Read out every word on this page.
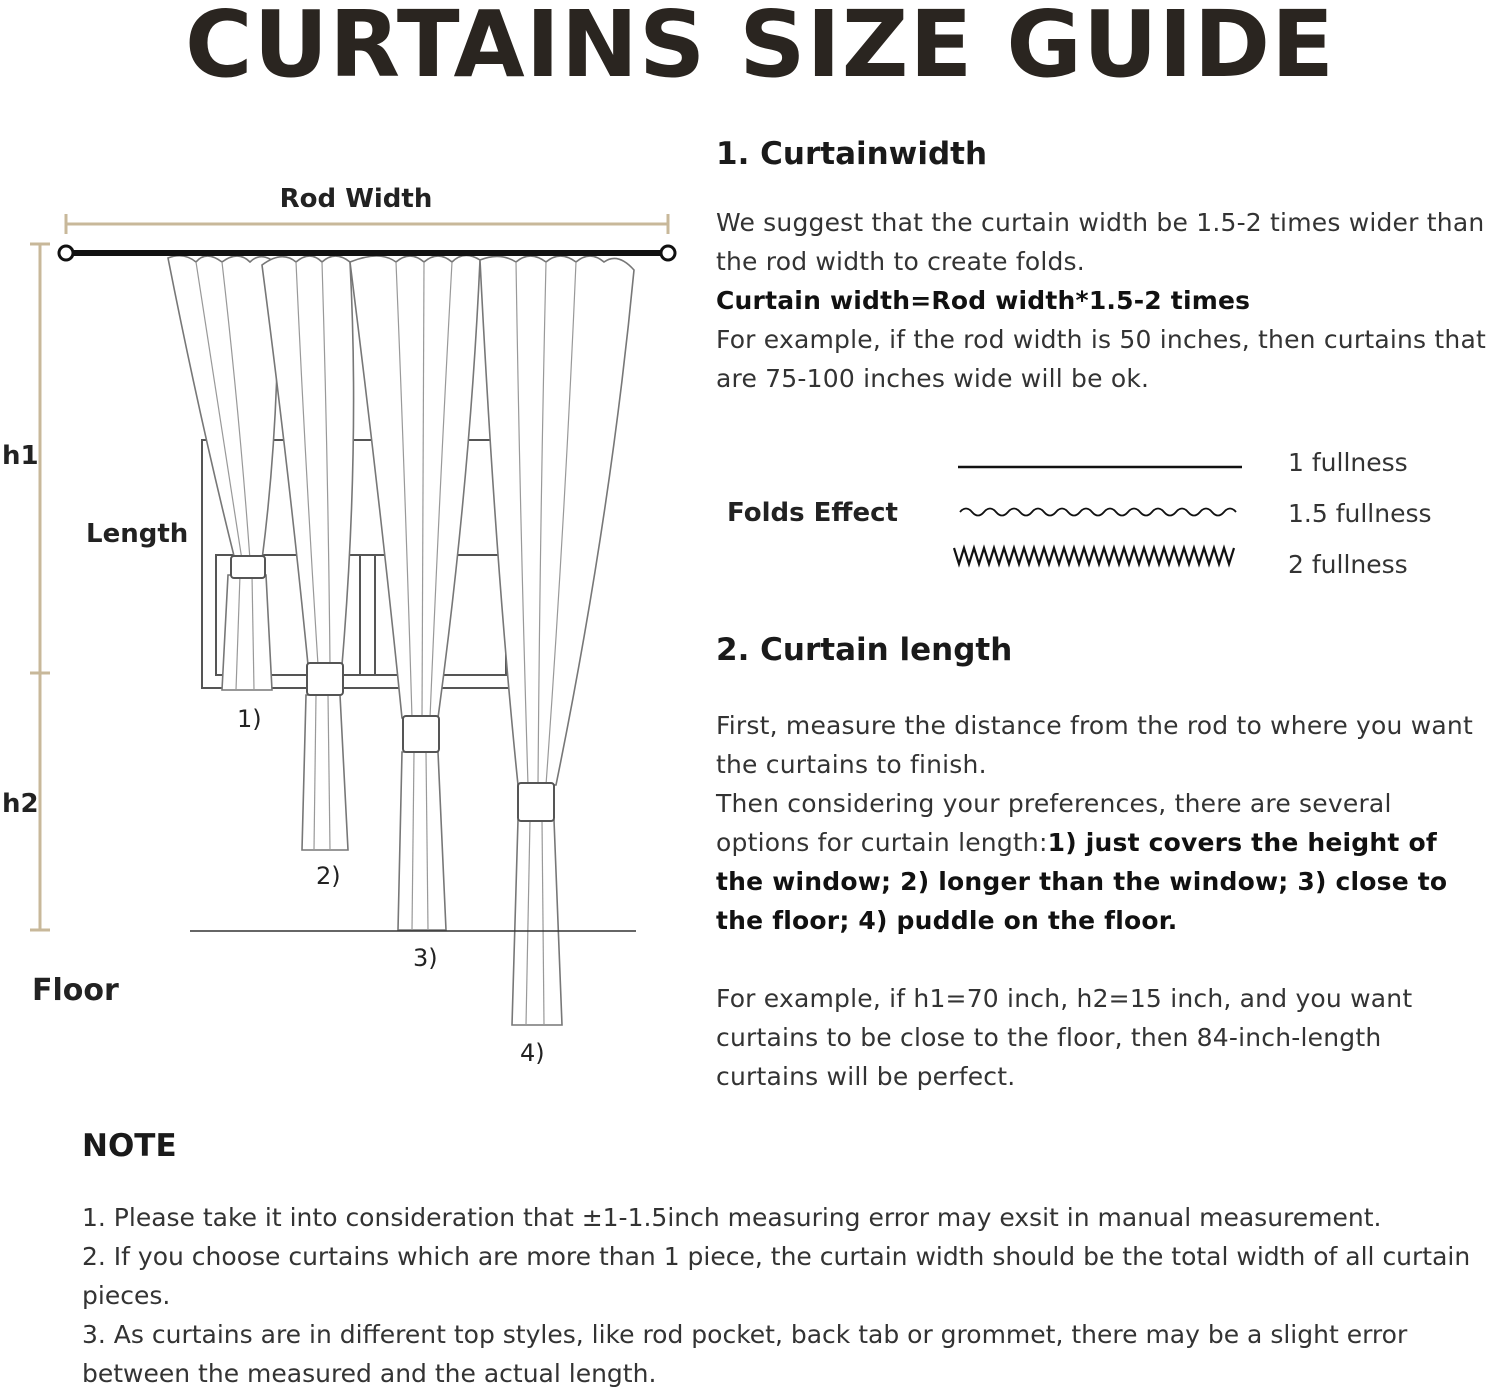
CURTAINS SIZE GUIDE
Rod Width
h1
h2
Length
Floor
1)
2)
3)
4)
1. Curtainwidth
We suggest that the curtain width be 1.5-2 times wider than the rod width to create folds.
Curtain width=Rod width*1.5-2 times
For example, if the rod width is 50 inches, then curtains that are 75-100 inches wide will be ok.
Folds Effect
1 fullness
1.5 fullness
2 fullness
2. Curtain length
First, measure the distance from the rod to where you want the curtains to finish.
Then considering your preferences, there are several options for curtain length:1) just covers the height of the window; 2) longer than the window; 3) close to the floor; 4) puddle on the floor.
For example, if h1=70 inch, h2=15 inch, and you want curtains to be close to the floor, then 84-inch-length curtains will be perfect.
NOTE
1. Please take it into consideration that ±1-1.5inch measuring error may exsit in manual measurement.
2. If you choose curtains which are more than 1 piece, the curtain width should be the total width of all curtain pieces.
3. As curtains are in different top styles, like rod pocket, back tab or grommet, there may be a slight error between the measured and the actual length.
